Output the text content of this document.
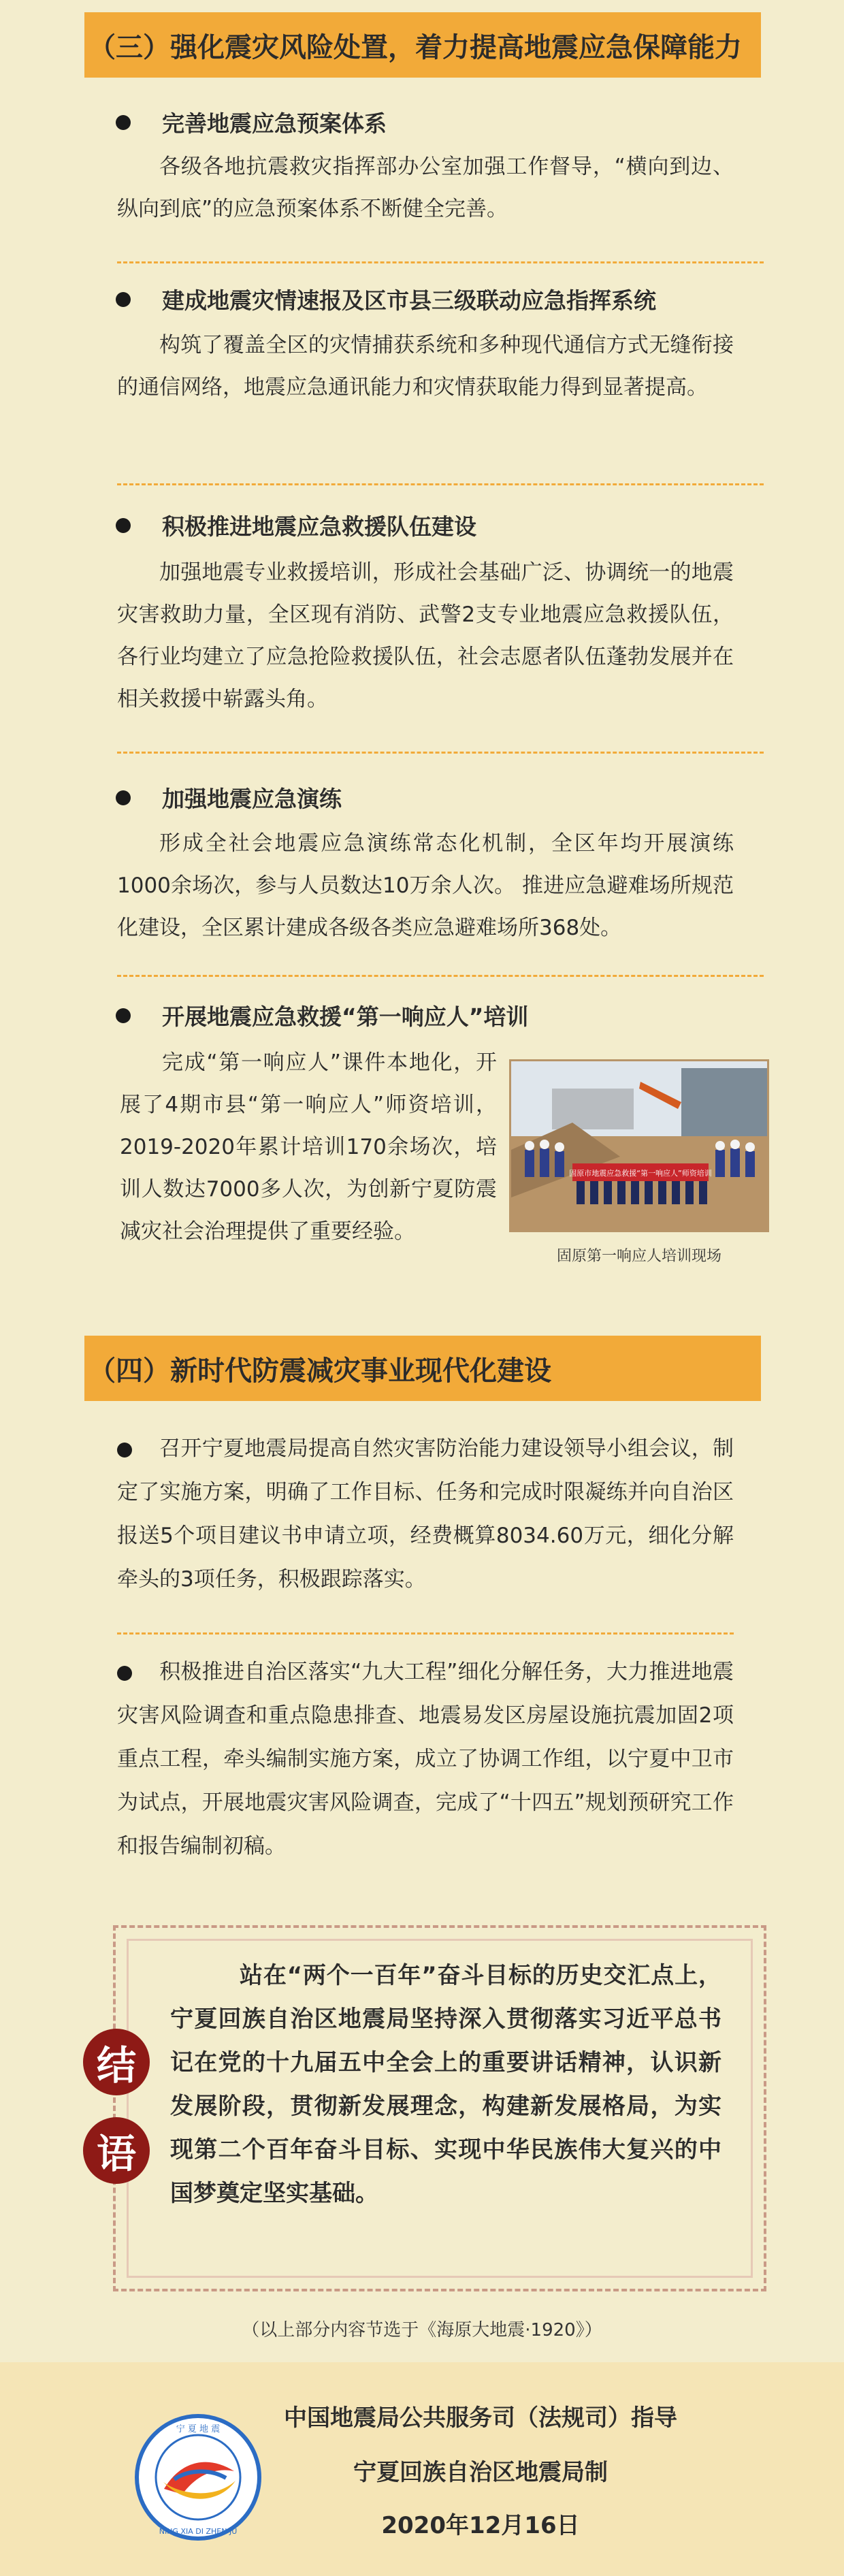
（三）强化震灾风险处置，着力提高地震应急保障能力
完善地震应急预案体系

各级各地抗震救灾指挥部办公室加强工作督导，“横向到边、纵向到底”的应急预案体系不断健全完善。

建成地震灾情速报及区市县三级联动应急指挥系统

构筑了覆盖全区的灾情捕获系统和多种现代通信方式无缝衔接的通信网络，地震应急通讯能力和灾情获取能力得到显著提高。

积极推进地震应急救援队伍建设

加强地震专业救援培训，形成社会基础广泛、协调统一的地震灾害救助力量，全区现有消防、武警2支专业地震应急救援队伍，各行业均建立了应急抢险救援队伍，社会志愿者队伍蓬勃发展并在相关救援中崭露头角。

加强地震应急演练

形成全社会地震应急演练常态化机制，全区年均开展演练1000余场次，参与人员数达10万余人次。 推进应急避难场所规范化建设，全区累计建成各级各类应急避难场所368处。

开展地震应急救援“第一响应人”培训

完成“第一响应人”课件本地化，开展了4期市县“第一响应人”师资培训，2019-2020年累计培训170余场次，培训人数达7000多人次，为创新宁夏防震减灾社会治理提供了重要经验。

固原市地震应急救援“第一响应人”师资培训
固原第一响应人培训现场
（四）新时代防震减灾事业现代化建设

召开宁夏地震局提高自然灾害防治能力建设领导小组会议，制定了实施方案，明确了工作目标、任务和完成时限凝练并向自治区报送5个项目建议书申请立项，经费概算8034.60万元，细化分解牵头的3项任务，积极跟踪落实。

积极推进自治区落实“九大工程”细化分解任务，大力推进地震灾害风险调查和重点隐患排查、地震易发区房屋设施抗震加固2项重点工程，牵头编制实施方案，成立了协调工作组，以宁夏中卫市为试点，开展地震灾害风险调查，完成了“十四五”规划预研究工作和报告编制初稿。

结
语

站在“两个一百年”奋斗目标的历史交汇点上，宁夏回族自治区地震局坚持深入贯彻落实习近平总书记在党的十九届五中全会上的重要讲话精神，认识新发展阶段，贯彻新发展理念，构建新发展格局，为实现第二个百年奋斗目标、实现中华民族伟大复兴的中国梦奠定坚实基础。

（以上部分内容节选于《海原大地震·1920》）
宁 夏 地 震
NING XIA DI ZHEN JU
中国地震局公共服务司（法规司）指导
宁夏回族自治区地震局制
2020年12月16日
